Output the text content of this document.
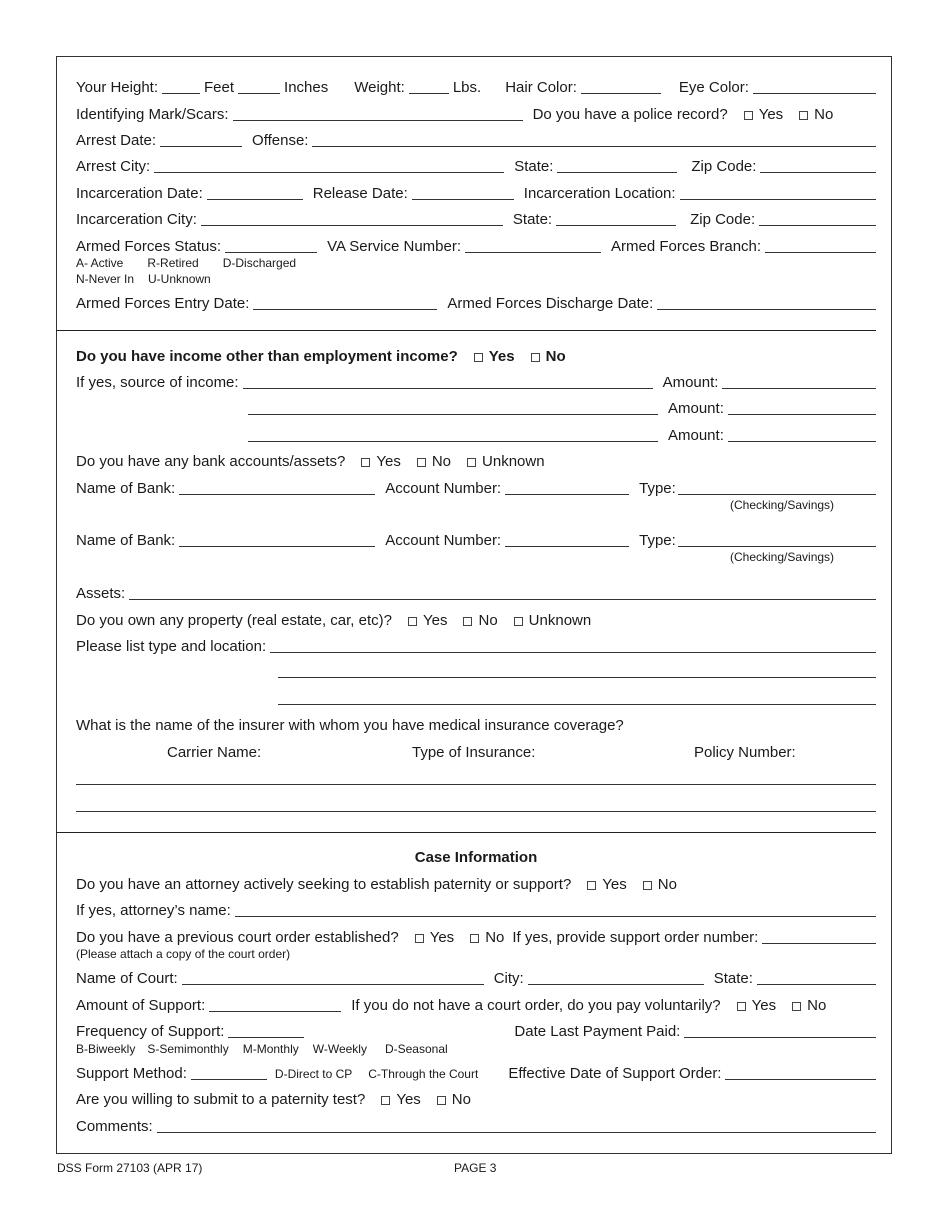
Your Height:	Feet	Inches Weight:	Lbs. Hair Color:	Eye Color:
Identifying Mark/Scars:	Do you have a police record? Yes No
Arrest Date:	Offense:
Arrest City:	State:	Zip Code:
Incarceration Date:	Release Date:	Incarceration Location:
Incarceration City:	State:	Zip Code:
Armed Forces Status:	VA Service Number:	Armed Forces Branch:
A- Active R-Retired D-Discharged
N-Never In U-Unknown
Armed Forces Entry Date:	Armed Forces Discharge Date:
Do you have income other than employment income? Yes No
If yes, source of income:	Amount:
Amount:
Amount:
Do you have any bank accounts/assets? Yes No Unknown
Name of Bank:	Account Number:	Type:
(Checking/Savings)
Name of Bank:	Account Number:	Type:
(Checking/Savings)
Assets:
Do you own any property (real estate, car, etc)? Yes No Unknown
Please list type and location:
What is the name of the insurer with whom you have medical insurance coverage?
Carrier Name:	Type of Insurance:	Policy Number:
Case Information
Do you have an attorney actively seeking to establish paternity or support? Yes No
If yes, attorney’s name:
Do you have a previous court order established? Yes No If yes, provide support order number:
(Please attach a copy of the court order)
Name of Court:	City:	State:
Amount of Support:	If you do not have a court order, do you pay voluntarily? Yes No
Frequency of Support:	Date Last Payment Paid:
B-Biweekly S-Semimonthly M-Monthly W-Weekly D-Seasonal
Support Method:	D-Direct to CP C-Through the Court Effective Date of Support Order:
Are you willing to submit to a paternity test? Yes No
Comments:
DSS Form 27103 (APR 17)	PAGE 3
